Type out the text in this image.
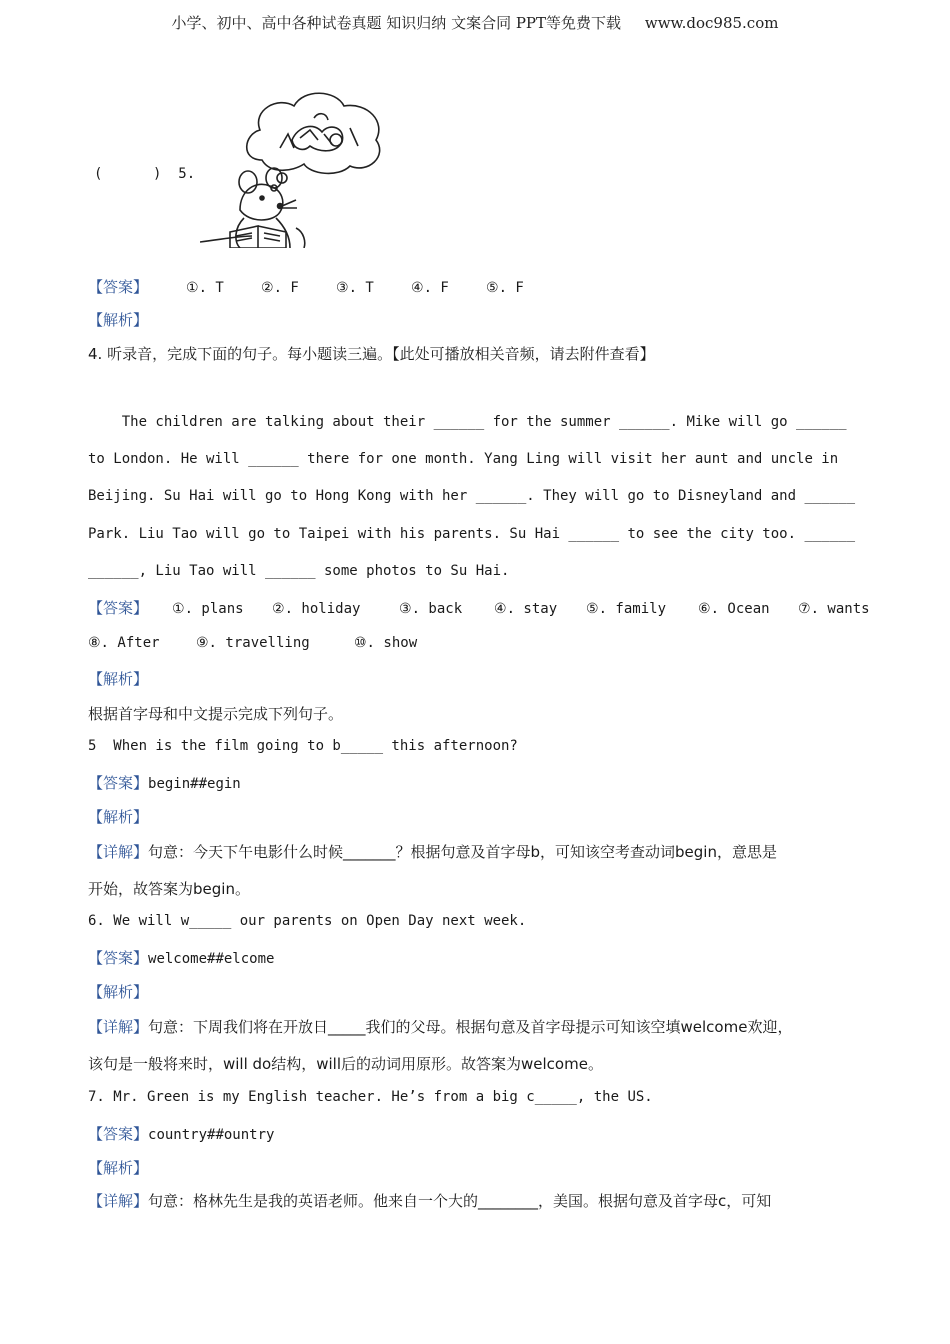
小学、初中、高中各种试卷真题 知识归纳 文案合同 PPT等免费下载     www.doc985.com
(      )  5.
【答案】	①. T	②. F	③. T	④. F	⑤. F
【解析】
4. 听录音，完成下面的句子。每小题读三遍。【此处可播放相关音频，请去附件查看】
The children are talking about their ______ for the summer ______. Mike will go ______
to London. He will ______ there for one month. Yang Ling will visit her aunt and uncle in
Beijing. Su Hai will go to Hong Kong with her ______. They will go to Disneyland and ______
Park. Liu Tao will go to Taipei with his parents. Su Hai ______ to see the city too. ______
______, Liu Tao will ______ some photos to Su Hai.
【答案】 ①. plans ②. holiday	③. back ④. stay ⑤. family ⑥. Ocean ⑦. wants
⑧. After	⑨. travelling	⑩. show
【解析】
根据首字母和中文提示完成下列句子。
5  When is the film going to b_____ this afternoon?
【答案】begin##egin
【解析】
【详解】句意：今天下午电影什么时候_______？根据句意及首字母b，可知该空考查动词begin，意思是
开始，故答案为begin。
6. We will w_____ our parents on Open Day next week.
【答案】welcome##elcome
【解析】
【详解】句意：下周我们将在开放日_____我们的父母。根据句意及首字母提示可知该空填welcome欢迎，
该句是一般将来时，will do结构，will后的动词用原形。故答案为welcome。
7. Mr. Green is my English teacher. He’s from a big c_____, the US.
【答案】country##ountry
【解析】
【详解】句意：格林先生是我的英语老师。他来自一个大的________，美国。根据句意及首字母c，可知
